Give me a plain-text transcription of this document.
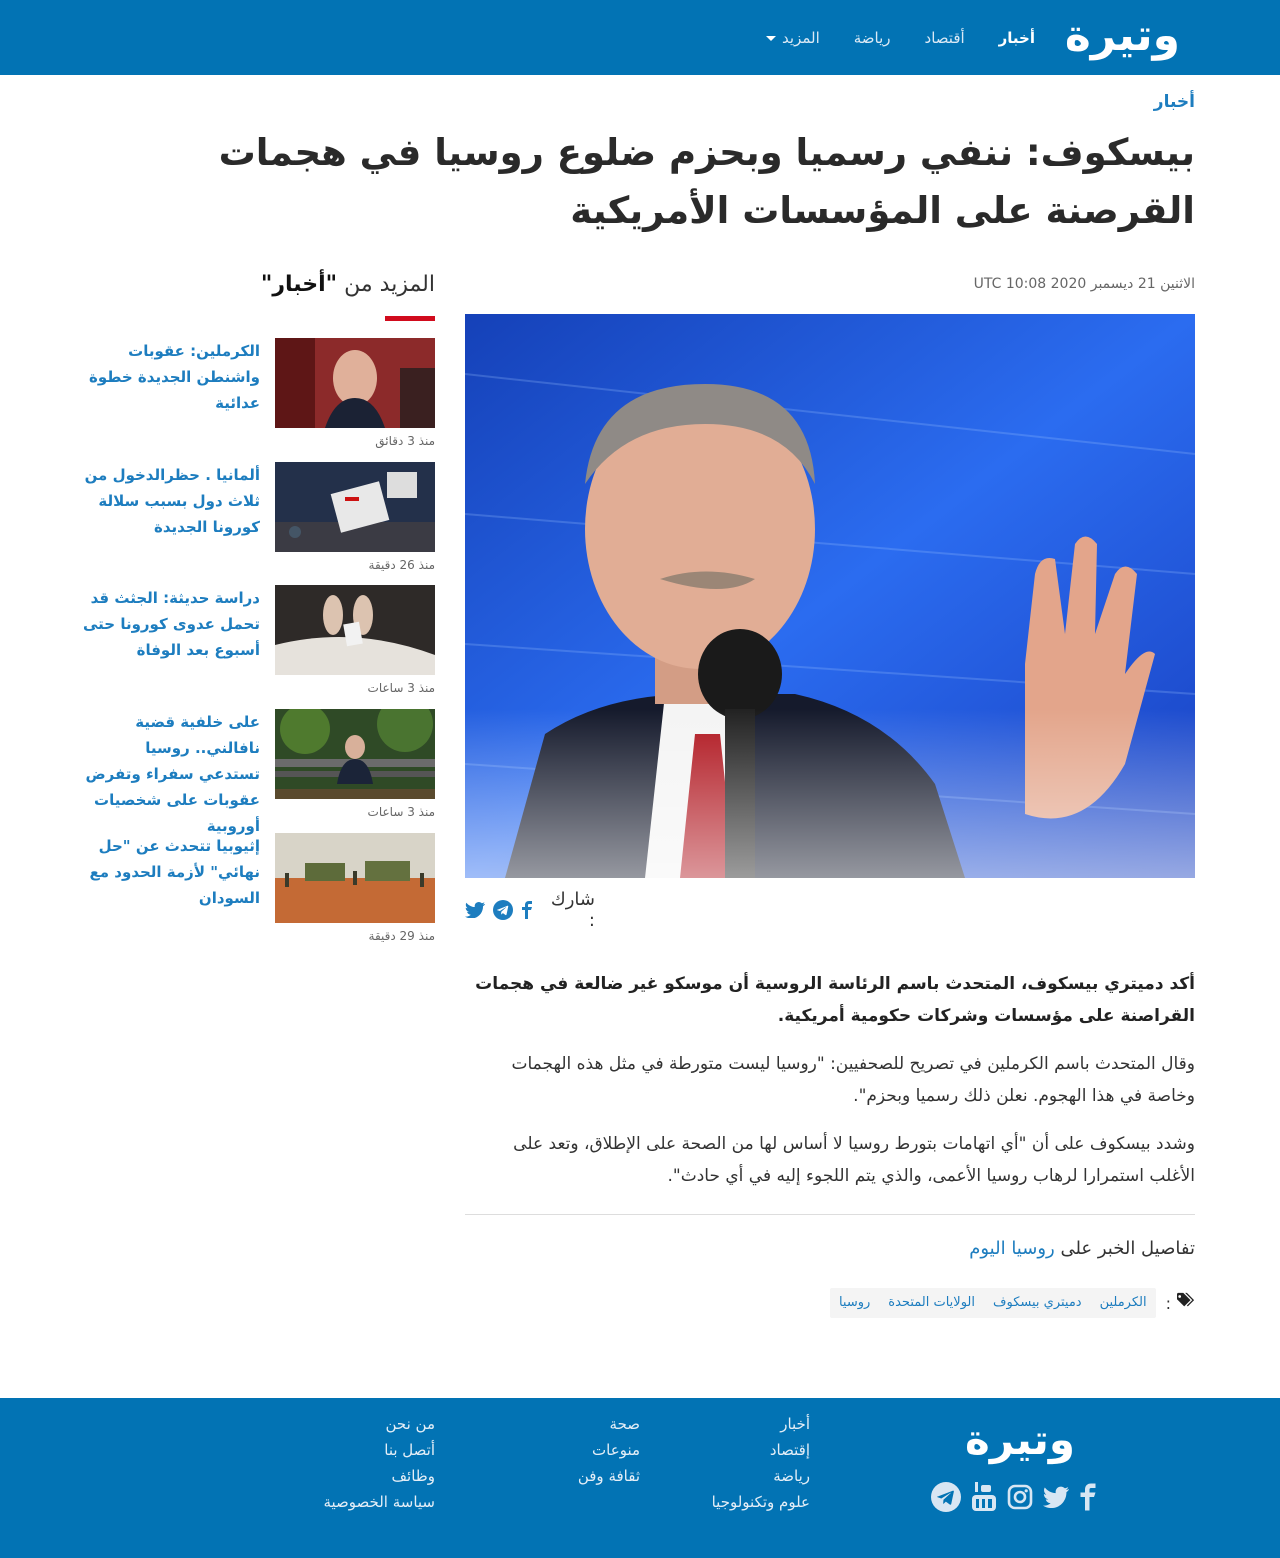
وتيرة
أخبار
أقتصاد
رياضة
المزيد
أخبار
بيسكوف: ننفي رسميا وبحزم ضلوع روسيا في هجمات القرصنة على المؤسسات الأمريكية
الاثنين 21 ديسمبر 2020 10:08 UTC
شارك :

أكد دميتري بيسكوف، المتحدث باسم الرئاسة الروسية أن موسكو غير ضالعة في هجمات القراصنة على مؤسسات وشركات حكومية أمريكية.

وقال المتحدث باسم الكرملين في تصريح للصحفيين: "روسيا ليست متورطة في مثل هذه الهجمات وخاصة في هذا الهجوم. نعلن ذلك رسميا وبحزم".

وشدد بيسكوف على أن "أي اتهامات بتورط روسيا لا أساس لها من الصحة على الإطلاق، وتعد على الأغلب استمرارا لرهاب روسيا الأعمى، والذي يتم اللجوء إليه في أي حادث".

تفاصيل الخبر على روسيا اليوم
:
الكرملين
دميتري بيسكوف
الولايات المتحدة
روسيا
المزيد من "أخبار"
الكرملين: عقوبات واشنطن الجديدة خطوة عدائية
منذ 3 دقائق
ألمانيا . حظرالدخول من ثلاث دول بسبب سلالة كورونا الجديدة
منذ 26 دقيقة
دراسة حديثة: الجثث قد تحمل عدوى كورونا حتى أسبوع بعد الوفاة
منذ 3 ساعات
على خلفية قضية نافالني.. روسيا تستدعي سفراء وتفرض عقوبات على شخصيات أوروبية
منذ 3 ساعات
إثيوبيا تتحدث عن "حل نهائي" لأزمة الحدود مع السودان
منذ 29 دقيقة
وتيرة
أخبار
إقتصاد
رياضة
علوم وتكنولوجيا
صحة
منوعات
ثقافة وفن
من نحن
أتصل بنا
وظائف
سياسة الخصوصية
